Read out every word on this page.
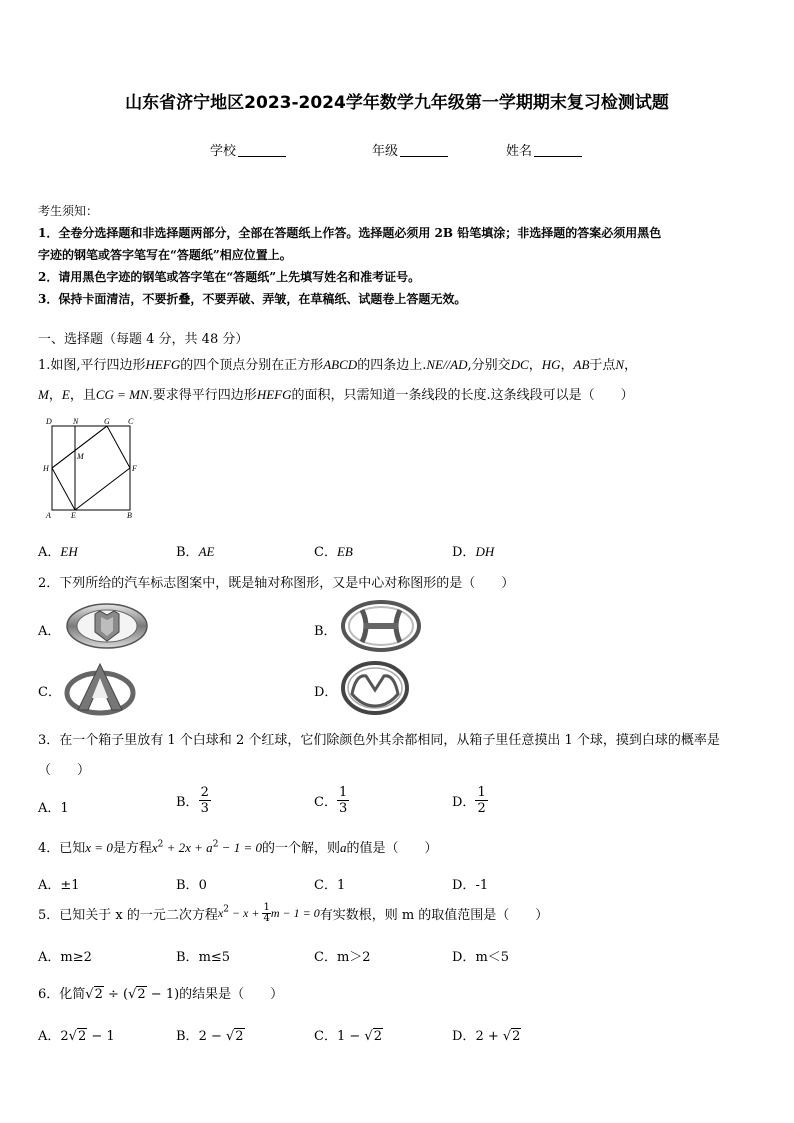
山东省济宁地区2023-2024学年数学九年级第一学期期末复习检测试题
学校	年级	姓名
考生须知：
1．全卷分选择题和非选择题两部分，全部在答题纸上作答。选择题必须用 2B 铅笔填涂；非选择题的答案必须用黑色
字迹的钢笔或答字笔写在“答题纸”相应位置上。
2．请用黑色字迹的钢笔或答字笔在“答题纸”上先填写姓名和准考证号。
3．保持卡面清洁，不要折叠，不要弄破、弄皱，在草稿纸、试题卷上答题无效。
一、选择题（每题 4 分，共 48 分）
1.如图,平行四边形HEFG的四个顶点分别在正方形ABCD的四条边上.NE//AD,分别交DC，HG，AB于点N，
M，E，且CG = MN.要求得平行四边形HEFG的面积，只需知道一条线段的长度.这条线段可以是（　　）
D	N	G C
M
H	F
A	E	B
A．EH	B．AE	C．EB	D．DH
2．下列所给的汽车标志图案中，既是轴对称图形，又是中心对称图形的是（　　）
A．	B．
C．	D．
3．在一个箱子里放有 1 个白球和 2 个红球，它们除颜色外其余都相同，从箱子里任意摸出 1 个球，摸到白球的概率是
（　　）
A．1	B． $\frac{2}{3}$	C． $\frac{1}{3}$	D． $\frac{1}{2}$
4．已知x = 0是方程$x^2 + 2x + a^2 - 1 = 0$的一个解，则a的值是（　　）
A．±1	B．0	C．1	D．-1
5．已知关于 x 的一元二次方程$x^2 - x + \frac{1}{4}$ m − 1 = 0有实数根，则 m 的取值范围是（　　）
A．m≥2	B．m≤5	C．m＞2	D．m＜5
6．化简√2 ÷ (√2 − 1)的结果是（　　）
A．2√2 − 1	B．2 − √2	C．1 − √2	D．2 + √2
